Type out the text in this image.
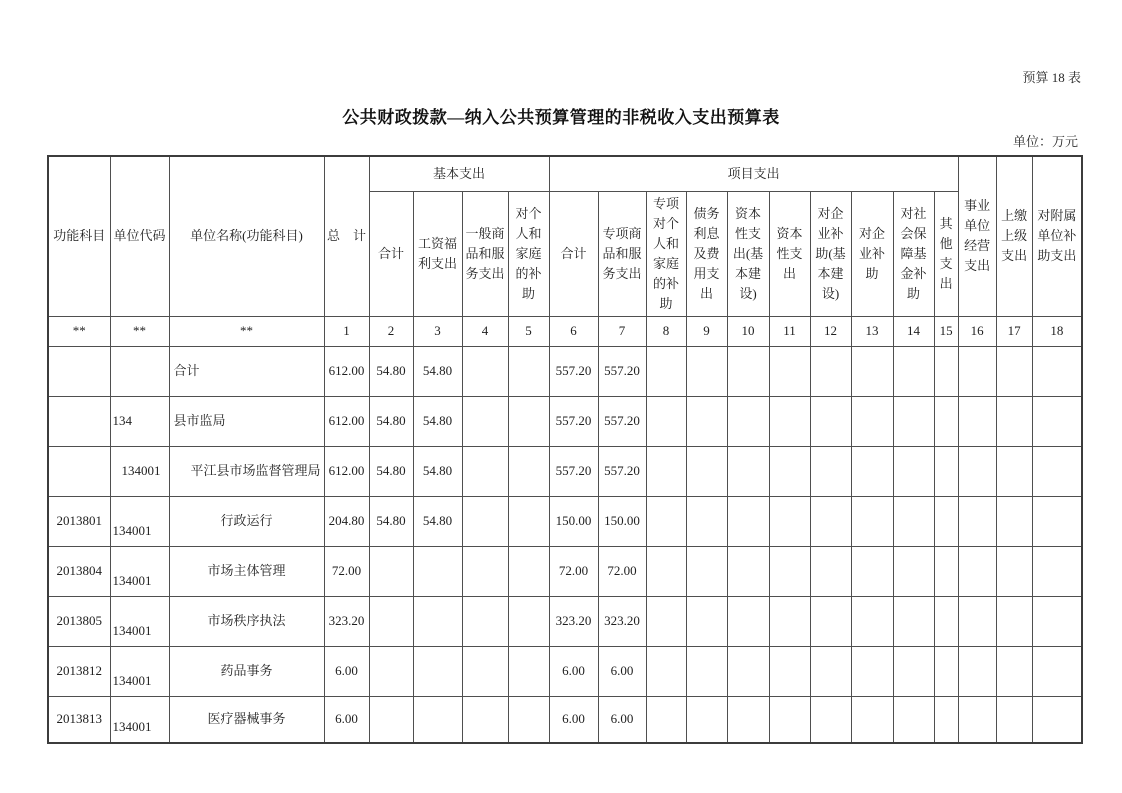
预算 18 表
公共财政拨款—纳入公共预算管理的非税收入支出预算表
单位：万元
功能科目	单位代码	单位名称(功能科目)	总　计	基本支出				项目支出										事业单位经营支出	上缴上级支出	对附属单位补助支出
				合计	工资福利支出	一般商品和服务支出	对个人和家庭的补助	合计	专项商品和服务支出	专项对个人和家庭的补助	债务利息及费用支出	资本性支出(基本建设)	资本性支出	对企业补助(基本建设)	对企业补助	对社会保障基金补助	其他支出			
**	**	**	1	2	3	4	5	6	7	8	9	10	11	12	13	14	15	16	17	18
		合计	612.00	54.80	54.80			557.20	557.20											
	134	县市监局	612.00	54.80	54.80			557.20	557.20											
	134001	平江县市场监督管理局	612.00	54.80	54.80			557.20	557.20											
2013801	134001	行政运行	204.80	54.80	54.80			150.00	150.00											
2013804	134001	市场主体管理	72.00					72.00	72.00											
2013805	134001	市场秩序执法	323.20					323.20	323.20											
2013812	134001	药品事务	6.00					6.00	6.00											
2013813	134001	医疗器械事务	6.00					6.00	6.00											
